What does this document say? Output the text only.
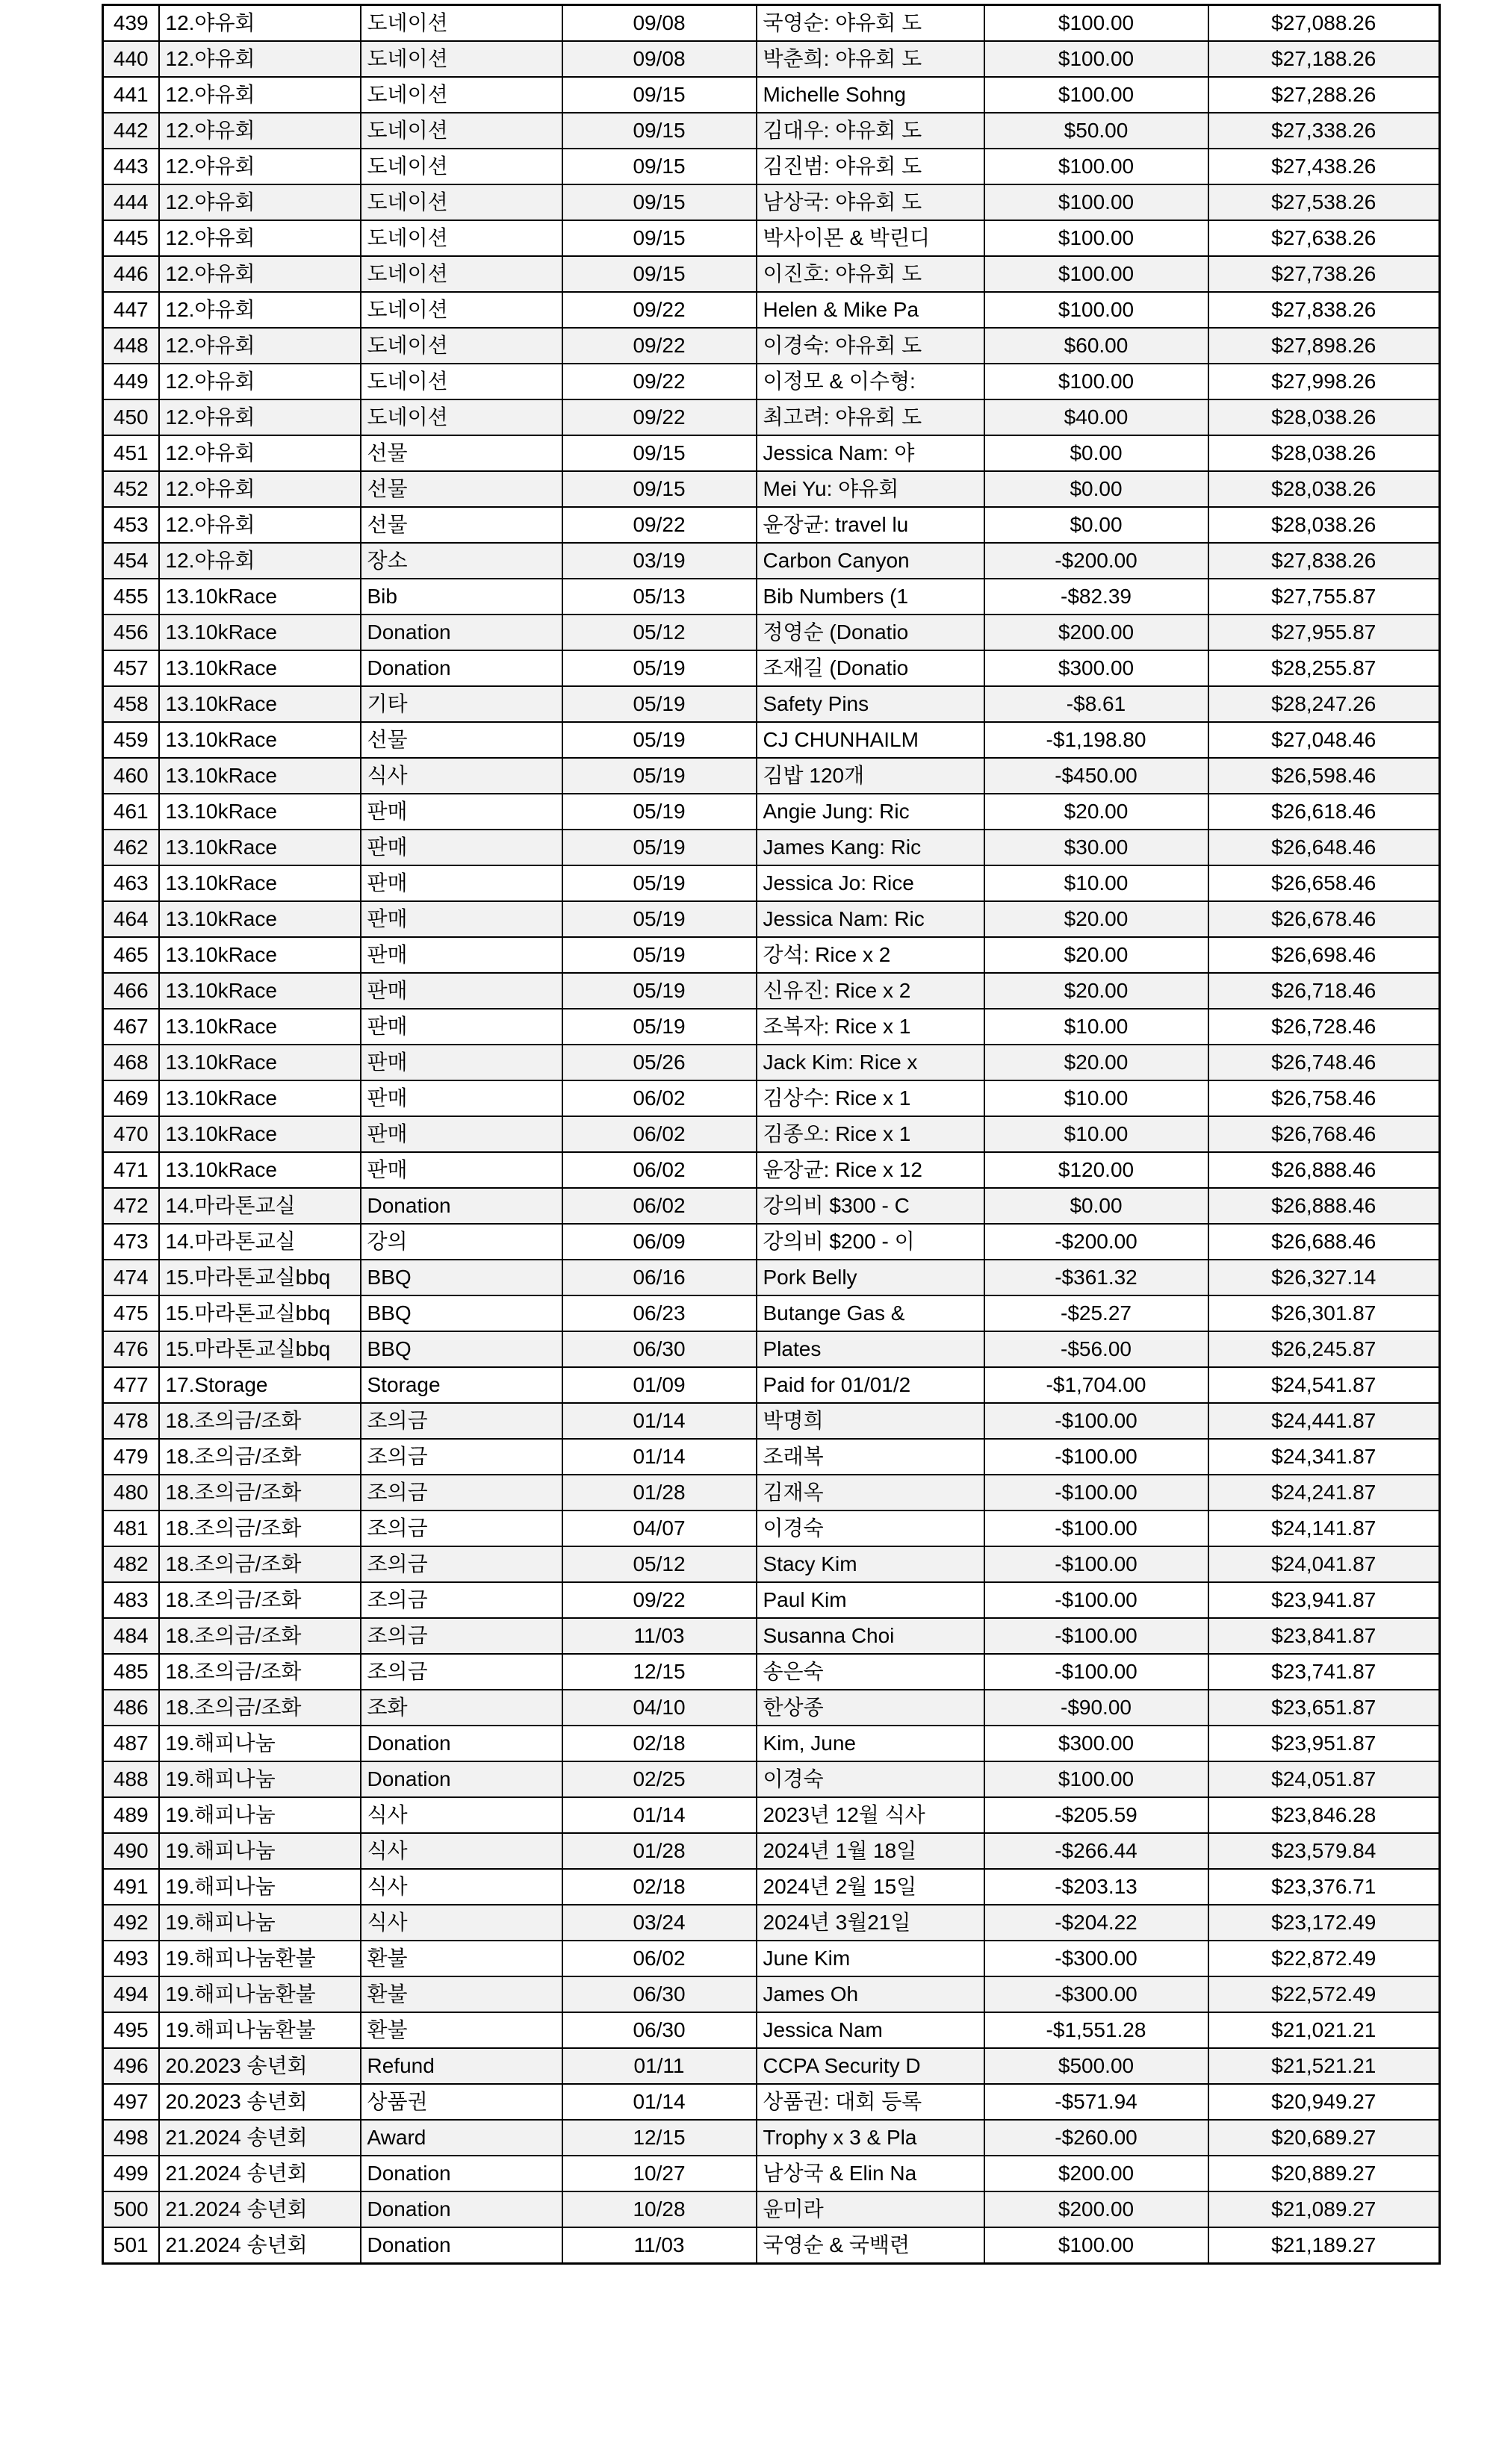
439	12.야유회	도네이션	09/08	국영순: 야유회 도	$100.00	$27,088.26
440	12.야유회	도네이션	09/08	박춘희: 야유회 도	$100.00	$27,188.26
441	12.야유회	도네이션	09/15	Michelle Sohng	$100.00	$27,288.26
442	12.야유회	도네이션	09/15	김대우: 야유회 도	$50.00	$27,338.26
443	12.야유회	도네이션	09/15	김진범: 야유회 도	$100.00	$27,438.26
444	12.야유회	도네이션	09/15	남상국: 야유회 도	$100.00	$27,538.26
445	12.야유회	도네이션	09/15	박사이몬 & 박린디	$100.00	$27,638.26
446	12.야유회	도네이션	09/15	이진호: 야유회 도	$100.00	$27,738.26
447	12.야유회	도네이션	09/22	Helen & Mike Pa	$100.00	$27,838.26
448	12.야유회	도네이션	09/22	이경숙: 야유회 도	$60.00	$27,898.26
449	12.야유회	도네이션	09/22	이정모 & 이수형:	$100.00	$27,998.26
450	12.야유회	도네이션	09/22	최고려: 야유회 도	$40.00	$28,038.26
451	12.야유회	선물	09/15	Jessica Nam: 야	$0.00	$28,038.26
452	12.야유회	선물	09/15	Mei Yu: 야유회	$0.00	$28,038.26
453	12.야유회	선물	09/22	윤장균: travel lu	$0.00	$28,038.26
454	12.야유회	장소	03/19	Carbon Canyon	-$200.00	$27,838.26
455	13.10kRace	Bib	05/13	Bib Numbers (1	-$82.39	$27,755.87
456	13.10kRace	Donation	05/12	정영순 (Donatio	$200.00	$27,955.87
457	13.10kRace	Donation	05/19	조재길 (Donatio	$300.00	$28,255.87
458	13.10kRace	기타	05/19	Safety Pins	-$8.61	$28,247.26
459	13.10kRace	선물	05/19	CJ CHUNHAILM	-$1,198.80	$27,048.46
460	13.10kRace	식사	05/19	김밥 120개	-$450.00	$26,598.46
461	13.10kRace	판매	05/19	Angie Jung: Ric	$20.00	$26,618.46
462	13.10kRace	판매	05/19	James Kang: Ric	$30.00	$26,648.46
463	13.10kRace	판매	05/19	Jessica Jo: Rice	$10.00	$26,658.46
464	13.10kRace	판매	05/19	Jessica Nam: Ric	$20.00	$26,678.46
465	13.10kRace	판매	05/19	강석: Rice x 2	$20.00	$26,698.46
466	13.10kRace	판매	05/19	신유진: Rice x 2	$20.00	$26,718.46
467	13.10kRace	판매	05/19	조복자: Rice x 1	$10.00	$26,728.46
468	13.10kRace	판매	05/26	Jack Kim: Rice x	$20.00	$26,748.46
469	13.10kRace	판매	06/02	김상수: Rice x 1	$10.00	$26,758.46
470	13.10kRace	판매	06/02	김종오: Rice x 1	$10.00	$26,768.46
471	13.10kRace	판매	06/02	윤장균: Rice x 12	$120.00	$26,888.46
472	14.마라톤교실	Donation	06/02	강의비 $300 - C	$0.00	$26,888.46
473	14.마라톤교실	강의	06/09	강의비 $200 - 이	-$200.00	$26,688.46
474	15.마라톤교실bbq	BBQ	06/16	Pork Belly	-$361.32	$26,327.14
475	15.마라톤교실bbq	BBQ	06/23	Butange Gas &	-$25.27	$26,301.87
476	15.마라톤교실bbq	BBQ	06/30	Plates	-$56.00	$26,245.87
477	17.Storage	Storage	01/09	Paid for 01/01/2	-$1,704.00	$24,541.87
478	18.조의금/조화	조의금	01/14	박명희	-$100.00	$24,441.87
479	18.조의금/조화	조의금	01/14	조래복	-$100.00	$24,341.87
480	18.조의금/조화	조의금	01/28	김재옥	-$100.00	$24,241.87
481	18.조의금/조화	조의금	04/07	이경숙	-$100.00	$24,141.87
482	18.조의금/조화	조의금	05/12	Stacy Kim	-$100.00	$24,041.87
483	18.조의금/조화	조의금	09/22	Paul Kim	-$100.00	$23,941.87
484	18.조의금/조화	조의금	11/03	Susanna Choi	-$100.00	$23,841.87
485	18.조의금/조화	조의금	12/15	송은숙	-$100.00	$23,741.87
486	18.조의금/조화	조화	04/10	한상종	-$90.00	$23,651.87
487	19.해피나눔	Donation	02/18	Kim, June	$300.00	$23,951.87
488	19.해피나눔	Donation	02/25	이경숙	$100.00	$24,051.87
489	19.해피나눔	식사	01/14	2023년 12월 식사	-$205.59	$23,846.28
490	19.해피나눔	식사	01/28	2024년 1월 18일	-$266.44	$23,579.84
491	19.해피나눔	식사	02/18	2024년 2월 15일	-$203.13	$23,376.71
492	19.해피나눔	식사	03/24	2024년 3월21일	-$204.22	$23,172.49
493	19.해피나눔환불	환불	06/02	June Kim	-$300.00	$22,872.49
494	19.해피나눔환불	환불	06/30	James Oh	-$300.00	$22,572.49
495	19.해피나눔환불	환불	06/30	Jessica Nam	-$1,551.28	$21,021.21
496	20.2023 송년회	Refund	01/11	CCPA Security D	$500.00	$21,521.21
497	20.2023 송년회	상품권	01/14	상품권: 대회 등록	-$571.94	$20,949.27
498	21.2024 송년회	Award	12/15	Trophy x 3 & Pla	-$260.00	$20,689.27
499	21.2024 송년회	Donation	10/27	남상국 & Elin Na	$200.00	$20,889.27
500	21.2024 송년회	Donation	10/28	윤미라	$200.00	$21,089.27
501	21.2024 송년회	Donation	11/03	국영순 & 국백련	$100.00	$21,189.27
